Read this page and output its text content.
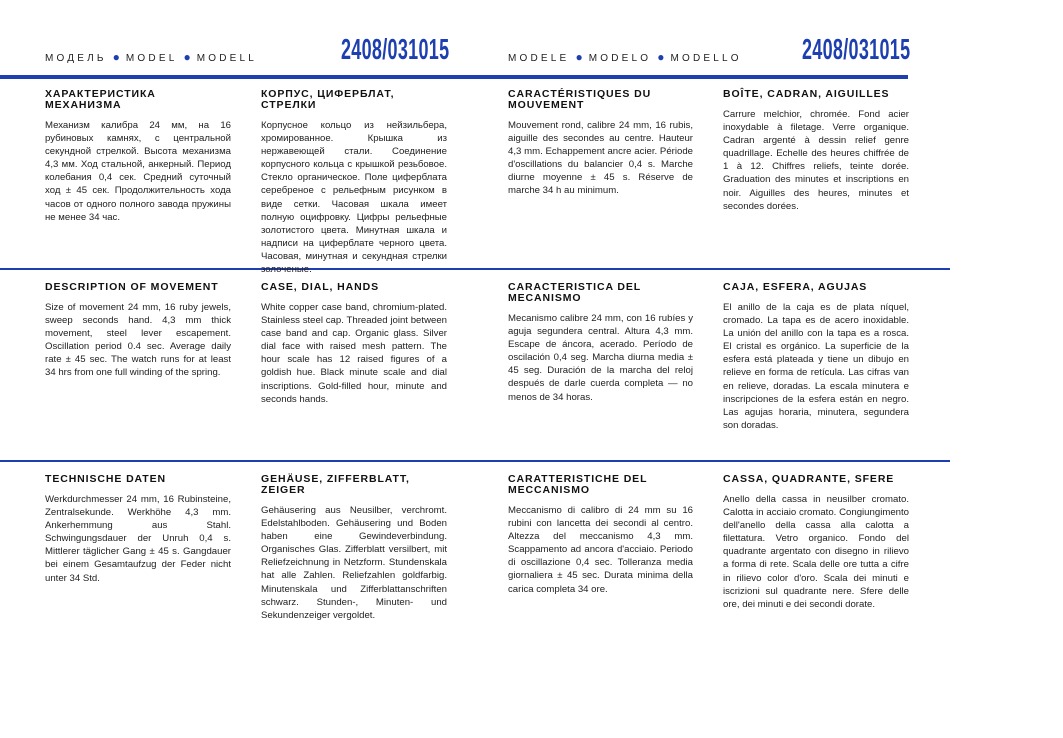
МОДЕЛЬ ● MODEL ● MODELL	2408/031015	MODELE ● MODELO ● MODELLO 2408/031015
ХАРАКТЕРИСТИКА МЕХАНИЗМА

Механизм калибра 24 мм, на 16 рубиновых камнях, с центральной секундной стрелкой. Высота механизма 4,3 мм. Ход стальной, анкерный. Период колебания 0,4 сек. Средний суточный ход ± 45 сек. Продолжительность хода часов от одного полного завода пружины не менее 34 час.

КОРПУС, ЦИФЕРБЛАТ, СТРЕЛКИ

Корпусное кольцо из нейзильбера, хромированное. Крышка из нержавеющей стали. Соединение корпусного кольца с крышкой резьбовое. Стекло органическое. Поле циферблата серебреное с рельефным рисунком в виде сетки. Часовая шкала имеет полную оцифровку. Цифры рельефные золотистого цвета. Минутная шкала и надписи на циферблате черного цвета. Часовая, минутная и секундная стрелки золоченые.

CARACTÉRISTIQUES DU MOUVEMENT

Mouvement rond, calibre 24 mm, 16 rubis, aiguille des secondes au centre. Hauteur 4,3 mm. Echappement ancre acier. Période d'oscillations du balancier 0,4 s. Marche diurne moyenne ± 45 s. Réserve de marche 34 h au minimum.

BOÎTE, CADRAN, AIGUILLES

Carrure melchior, chromée. Fond acier inoxydable à filetage. Verre organique. Cadran argenté à dessin relief genre quadrillage. Echelle des heures chiffrée de 1 à 12. Chiffres reliefs, teinte dorée. Graduation des minutes et inscriptions en noir. Aiguilles des heures, minutes et secondes dorées.

DESCRIPTION OF MOVEMENT

Size of movement 24 mm, 16 ruby jewels, sweep seconds hand. 4,3 mm thick movement, steel lever escapement. Oscillation period 0.4 sec. Average daily rate ± 45 sec. The watch runs for at least 34 hrs from one full winding of the spring.

CASE, DIAL, HANDS

White copper case band, chromium-plated. Stainless steel cap. Threaded joint between case band and cap. Organic glass. Silver dial face with raised mesh pattern. The hour scale has 12 raised figures of a goldish hue. Black minute scale and dial inscriptions. Gold-filled hour, minute and seconds hands.

CARACTERISTICA DEL MECANISMO

Mecanismo calibre 24 mm, con 16 rubíes y aguja segundera central. Altura 4,3 mm. Escape de áncora, acerado. Período de oscilación 0,4 seg. Marcha diurna media ± 45 seg. Duración de la marcha del reloj después de darle cuerda completa — no menos de 34 horas.

CAJA, ESFERA, AGUJAS

El anillo de la caja es de plata níquel, cromado. La tapa es de acero inoxidable. La unión del anillo con la tapa es a rosca. El cristal es orgánico. La superficie de la esfera está plateada y tiene un dibujo en relieve en forma de retícula. Las cifras van en relieve, doradas. La escala minutera e inscripciones de la esfera están en negro. Las agujas horaria, minutera, segundera son doradas.

TECHNISCHE DATEN

Werkdurchmesser 24 mm, 16 Rubinsteine, Zentralsekunde. Werkhöhe 4,3 mm. Ankerhemmung aus Stahl. Schwingungsdauer der Unruh 0,4 s. Mittlerer täglicher Gang ± 45 s. Gangdauer bei einem Gesamtaufzug der Feder nicht unter 34 Std.

GEHÄUSE, ZIFFERBLATT, ZEIGER

Gehäusering aus Neusilber, verchromt. Edelstahlboden. Gehäusering und Boden haben eine Gewindeverbindung. Organisches Glas. Zifferblatt versilbert, mit Reliefzeichnung in Netzform. Stundenskala hat alle Zahlen. Reliefzahlen goldfarbig. Minutenskala und Zifferblattanschriften schwarz. Stunden-, Minuten- und Sekundenzeiger vergoldet.

CARATTERISTICHE DEL MECCANISMO

Meccanismo di calibro di 24 mm su 16 rubini con lancetta dei secondi al centro. Altezza del meccanismo 4,3 mm. Scappamento ad ancora d'acciaio. Periodo di oscillazione 0,4 sec. Tolleranza media giornaliera ± 45 sec. Durata minima della carica completa 34 ore.

CASSA, QUADRANTE, SFERE

Anello della cassa in neusilber cromato. Calotta in acciaio cromato. Congiungimento dell'anello della cassa alla calotta a filettatura. Vetro organico. Fondo del quadrante argentato con disegno in rilievo a forma di rete. Scala delle ore tutta a cifre in rilievo color d'oro. Scala dei minuti e iscrizioni sul quadrante nere. Sfere delle ore, dei minuti e dei secondi dorate.
